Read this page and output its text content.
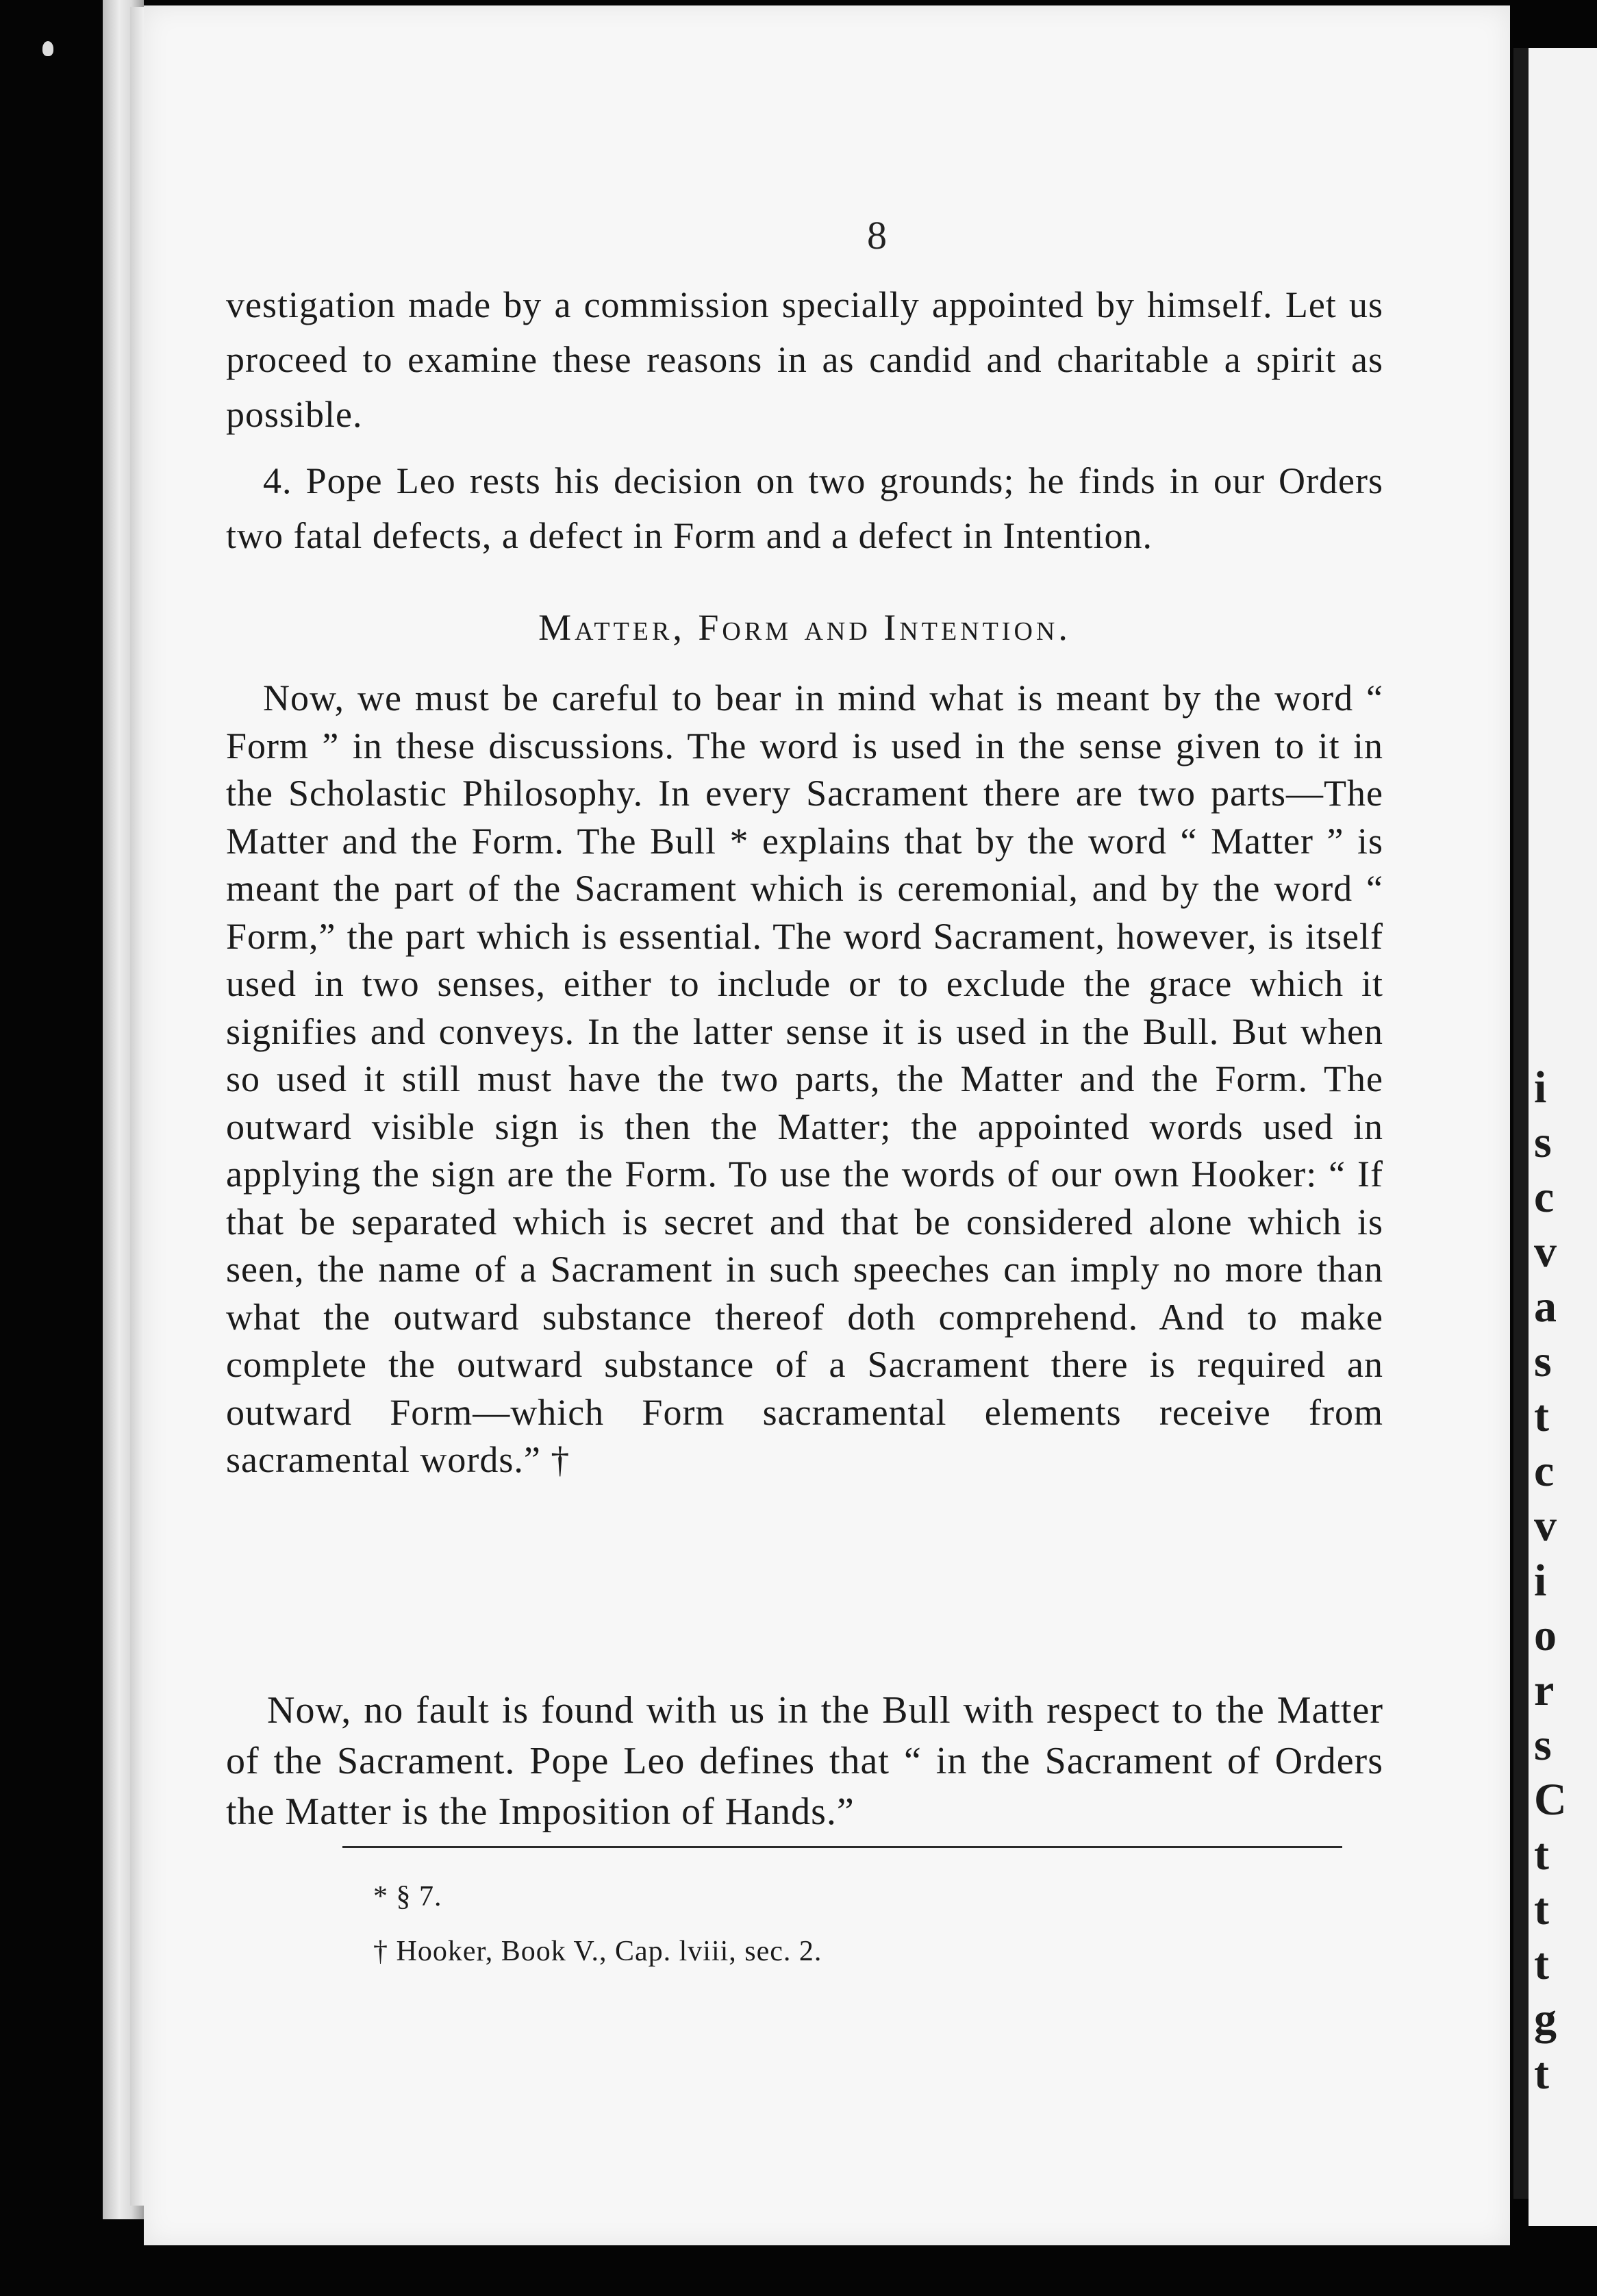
8

vestigation made by a commission specially appointed by himself. Let us proceed to examine these reasons in as candid and charitable a spirit as possible.

4. Pope Leo rests his decision on two grounds; he finds in our Orders two fatal defects, a defect in Form and a defect in Intention.

Matter, Form and Intention.

Now, we must be careful to bear in mind what is meant by the word “ Form ” in these discussions. The word is used in the sense given to it in the Scholastic Philosophy. In every Sacrament there are two parts—The Matter and the Form. The Bull * explains that by the word “ Matter ” is meant the part of the Sacrament which is ceremonial, and by the word “ Form,” the part which is essential. The word Sacrament, however, is itself used in two senses, either to include or to exclude the grace which it signifies and conveys. In the latter sense it is used in the Bull. But when so used it still must have the two parts, the Matter and the Form. The outward visible sign is then the Matter; the appointed words used in applying the sign are the Form. To use the words of our own Hooker: “ If that be separated which is secret and that be considered alone which is seen, the name of a Sacrament in such speeches can imply no more than what the outward substance thereof doth comprehend. And to make complete the outward substance of a Sacrament there is required an outward Form—which Form sacramental elements receive from sacramental words.” †

Now, no fault is found with us in the Bull with respect to the Matter of the Sacrament. Pope Leo defines that “ in the Sacrament of Orders the Matter is the Imposition of Hands.”

* § 7.
† Hooker, Book V., Cap. lviii, sec. 2.
i
s
c
v
a
s
t
c
v
i
o
r
s
C
t
t
t
g
t
